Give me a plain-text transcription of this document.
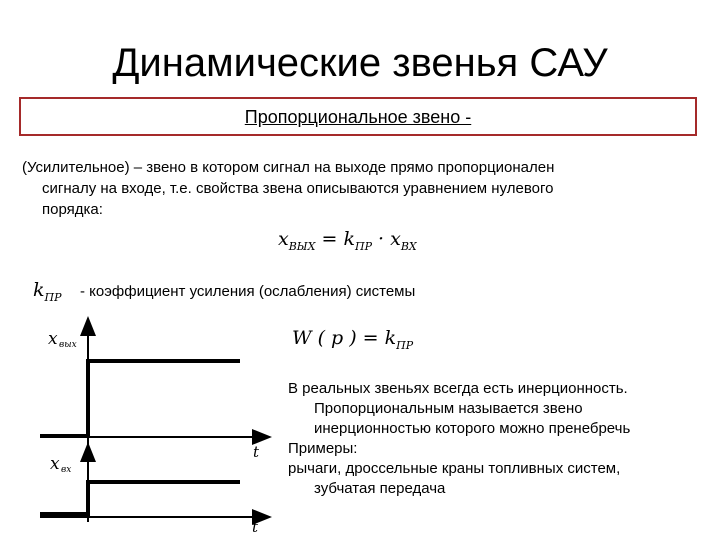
Динамические звенья САУ
Пропорциональное звено -
(Усилительное) – звено в котором сигнал на выходе прямо пропорционален
сигналу на входе, т.е. свойства звена описываются уравнением нулевого
порядка:
$x_{ВЫХ} = k_{ПР} \cdot x_{ВХ}$
$k_{ПР}$ - коэффициент усиления (ослабления) системы
W ( p ) = $k_{ПР}$
В реальных звеньях всегда есть инерционность.
Пропорциональным называется звено
инерционностью которого можно пренебречь
Примеры:
рычаги, дроссельные краны топливных систем,
зубчатая передача
x вых
t
x вх
t
